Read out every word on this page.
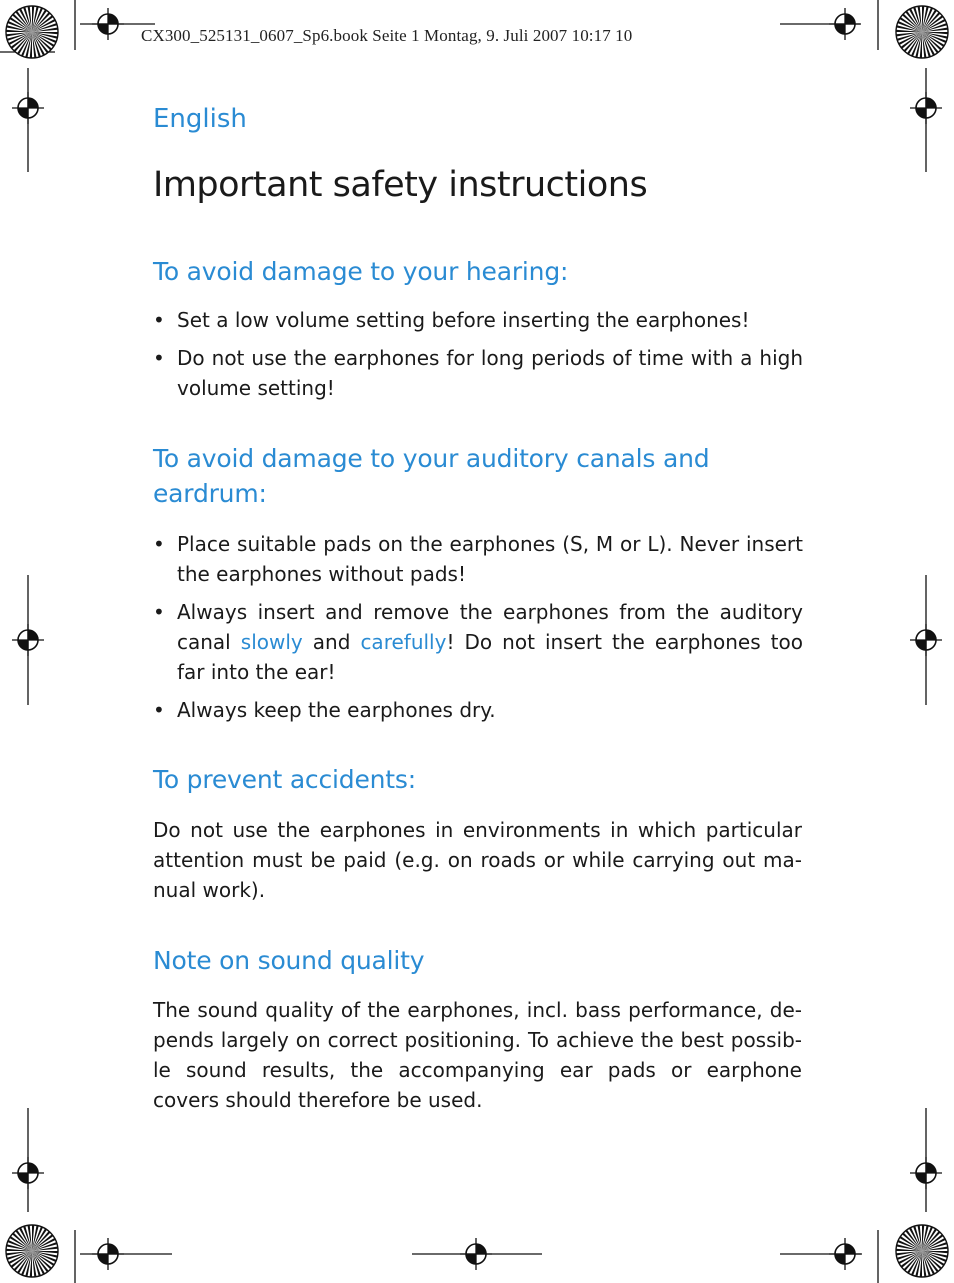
CX300_525131_0607_Sp6.book Seite 1 Montag, 9. Juli 2007 10:17 10
English
Important safety instructions
To avoid damage to your hearing:
• Set a low volume setting before inserting the earphones!
• Do not use the earphones for long periods of time with a high volume setting!
To avoid damage to your auditory canals and eardrum:
• Place suitable pads on the earphones (S, M or L). Never insert the earphones without pads!
• Always insert and remove the earphones from the auditory canal slowly and carefully! Do not insert the earphones too far into the ear!
• Always keep the earphones dry.
To prevent accidents:

Do not use the earphones in environments in which particular attention must be paid (e.g. on roads or while carrying out ma-nual work).

Note on sound quality

The sound quality of the earphones, incl. bass performance, de-pends largely on correct positioning. To achieve the best possib-le sound results, the accompanying ear pads or earphone covers should therefore be used.
